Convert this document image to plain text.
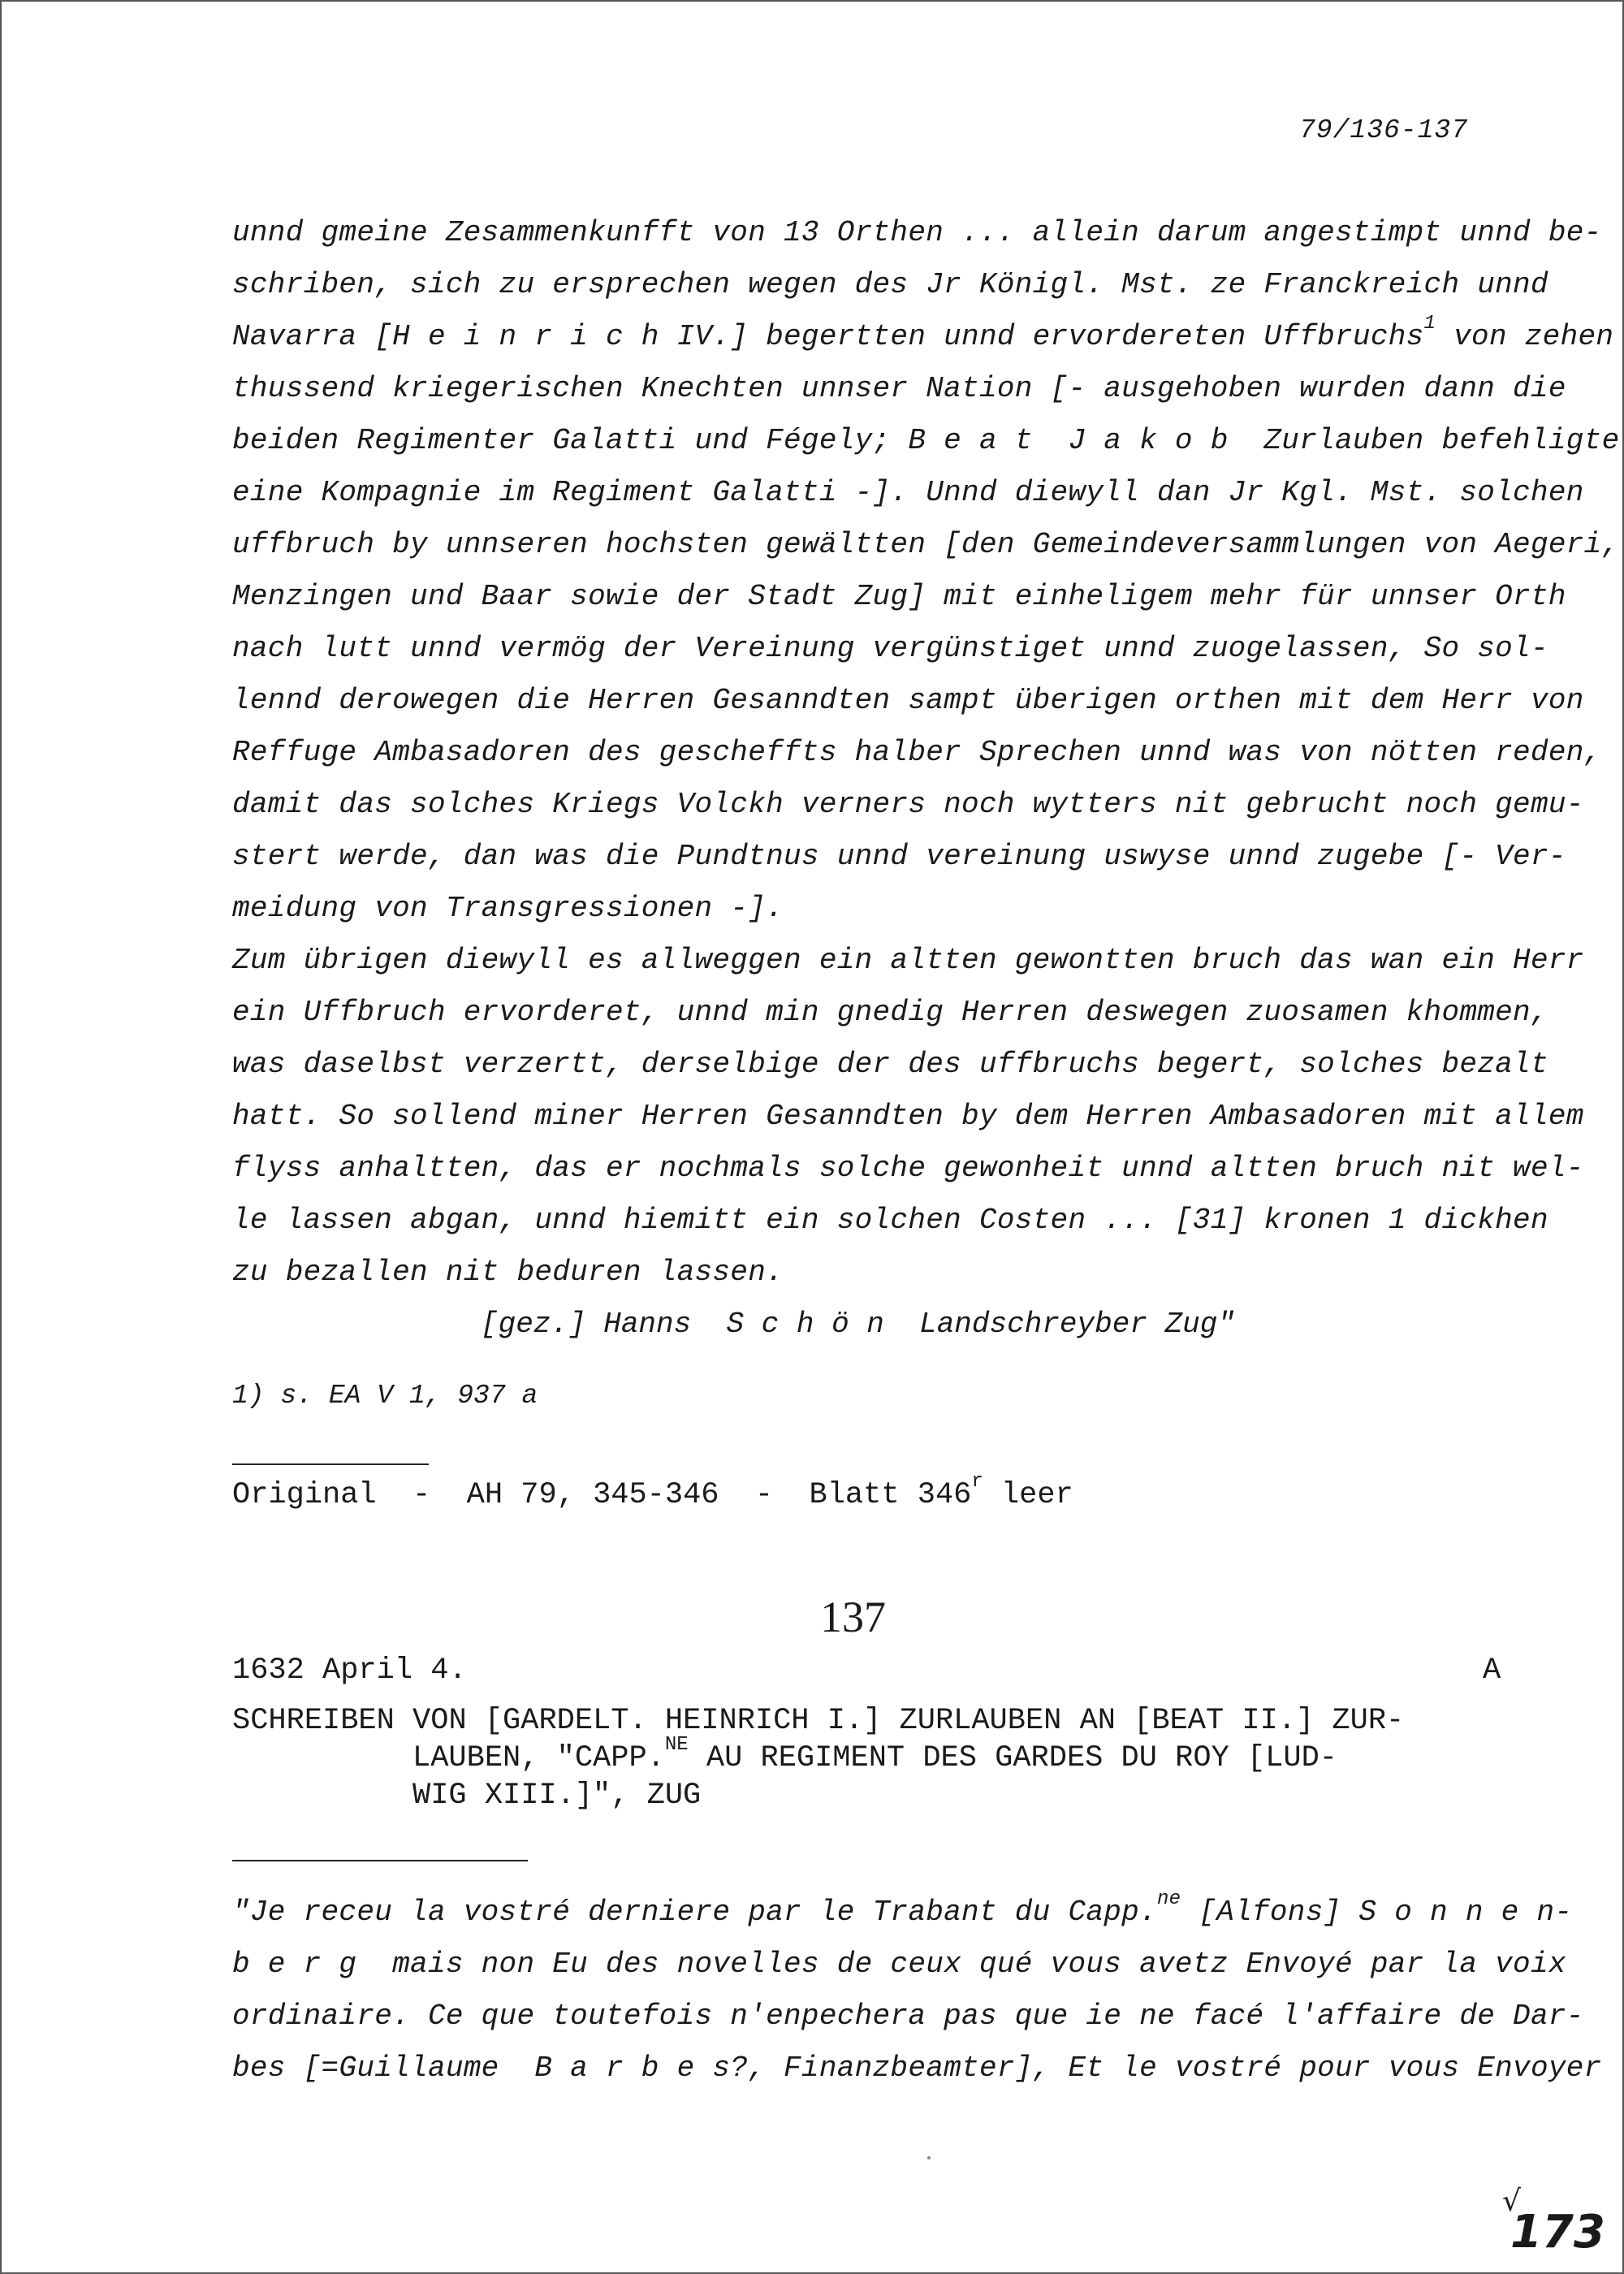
79/136-137
unnd gmeine Zesammenkunfft von 13 Orthen ... allein darum angestimpt unnd be-
schriben, sich zu ersprechen wegen des Jr Königl. Mst. ze Franckreich unnd
Navarra [H e i n r i c h IV.] begertten unnd ervordereten Uffbruchs$^1$ von zehen
thussend kriegerischen Knechten unnser Nation [- ausgehoben wurden dann die
beiden Regimenter Galatti und Fégely; B e a t  J a k o b  Zurlauben befehligte
eine Kompagnie im Regiment Galatti -]. Unnd diewyll dan Jr Kgl. Mst. solchen
uffbruch by unnseren hochsten gewältten [den Gemeindeversammlungen von Aegeri,
Menzingen und Baar sowie der Stadt Zug] mit einheligem mehr für unnser Orth
nach lutt unnd vermög der Vereinung vergünstiget unnd zuogelassen, So sol-
lennd derowegen die Herren Gesanndten sampt überigen orthen mit dem Herr von
Reffuge Ambasadoren des gescheffts halber Sprechen unnd was von nötten reden,
damit das solches Kriegs Volckh verners noch wytters nit gebrucht noch gemu-
stert werde, dan was die Pundtnus unnd vereinung uswyse unnd zugebe [- Ver-
meidung von Transgressionen -].
Zum übrigen diewyll es allweggen ein altten gewontten bruch das wan ein Herr
ein Uffbruch ervorderet, unnd min gnedig Herren deswegen zuosamen khommen,
was daselbst verzertt, derselbige der des uffbruchs begert, solches bezalt
hatt. So sollend miner Herren Gesanndten by dem Herren Ambasadoren mit allem
flyss anhaltten, das er nochmals solche gewonheit unnd altten bruch nit wel-
le lassen abgan, unnd hiemitt ein solchen Costen ... [31] kronen 1 dickhen
zu bezallen nit beduren lassen.
[gez.] Hanns  S c h ö n  Landschreyber Zug"
1) s. EA V 1, 937 a
Original  -  AH 79, 345-346  -  Blatt 346$^r$ leer
137
1632 April 4.	A
SCHREIBEN VON [GARDELT. HEINRICH I.] ZURLAUBEN AN [BEAT II.] ZUR-
LAUBEN, "CAPP.$^{NE}$ AU REGIMENT DES GARDES DU ROY [LUD-
WIG XIII.]", ZUG
"Je receu la vostré derniere par le Trabant du Capp.$^{ne}$ [Alfons] S o n n e n-
b e r g  mais non Eu des novelles de ceux qué vous avetz Envoyé par la voix
ordinaire. Ce que toutefois n'enpechera pas que ie ne facé l'affaire de Dar-
bes [=Guillaume  B a r b e s?, Finanzbeamter], Et le vostré pour vous Envoyer
√
173
